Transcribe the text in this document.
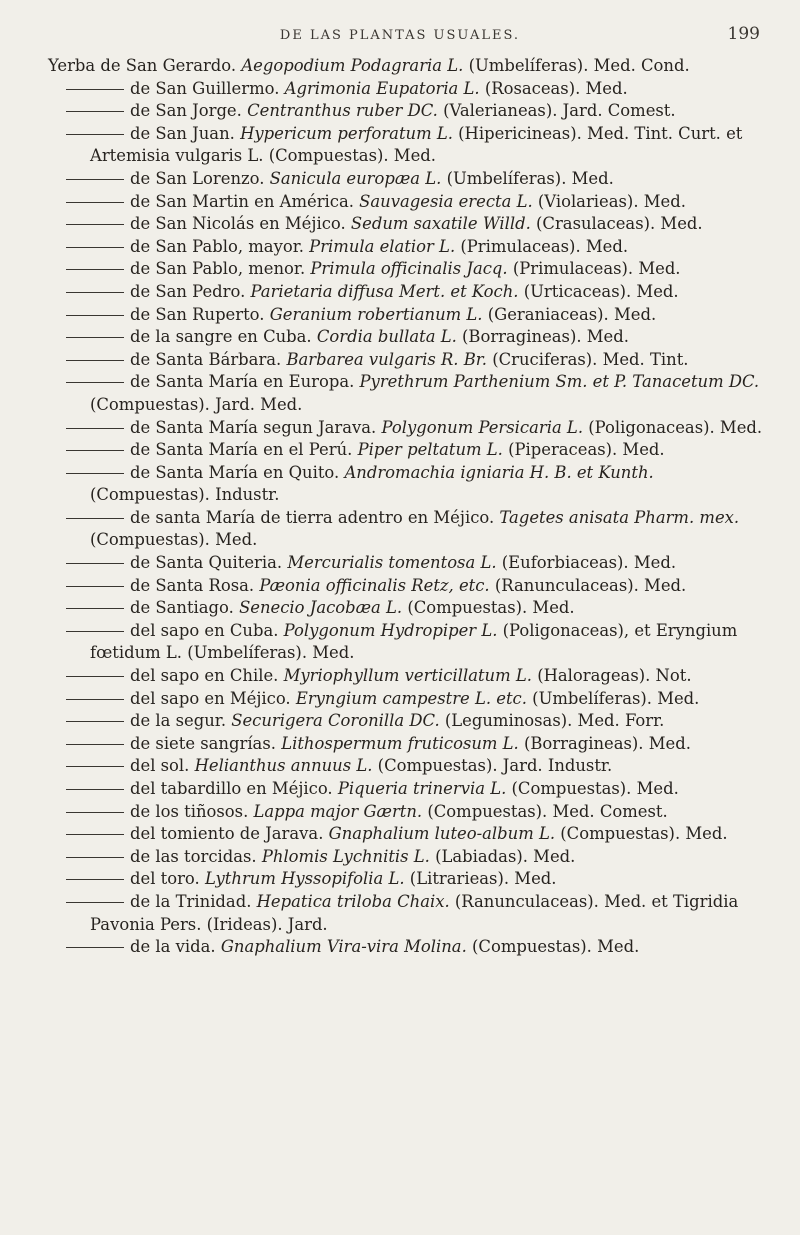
DE LAS PLANTAS USUALES.	199
Yerba de San Gerardo. Aegopodium Podagraria L. (Umbelíferas). Med. Cond.
de San Guillermo. Agrimonia Eupatoria L. (Rosaceas). Med.
de San Jorge. Centranthus ruber DC. (Valerianeas). Jard. Comest.
de San Juan. Hypericum perforatum L. (Hipericineas). Med. Tint. Curt. et Artemisia vulgaris L. (Compuestas). Med.
de San Lorenzo. Sanicula europæa L. (Umbelíferas). Med.
de San Martin en América. Sauvagesia erecta L. (Violarieas). Med.
de San Nicolás en Méjico. Sedum saxatile Willd. (Crasulaceas). Med.
de San Pablo, mayor. Primula elatior L. (Primulaceas). Med.
de San Pablo, menor. Primula officinalis Jacq. (Primulaceas). Med.
de San Pedro. Parietaria diffusa Mert. et Koch. (Urticaceas). Med.
de San Ruperto. Geranium robertianum L. (Geraniaceas). Med.
de la sangre en Cuba. Cordia bullata L. (Borragineas). Med.
de Santa Bárbara. Barbarea vulgaris R. Br. (Cruciferas). Med. Tint.
de Santa María en Europa. Pyrethrum Parthenium Sm. et P. Tanacetum DC. (Compuestas). Jard. Med.
de Santa María segun Jarava. Polygonum Persicaria L. (Poligonaceas). Med.
de Santa María en el Perú. Piper peltatum L. (Piperaceas). Med.
de Santa María en Quito. Andromachia igniaria H. B. et Kunth. (Compuestas). Industr.
de santa María de tierra adentro en Méjico. Tagetes anisata Pharm. mex. (Compuestas). Med.
de Santa Quiteria. Mercurialis tomentosa L. (Euforbiaceas). Med.
de Santa Rosa. Pæonia officinalis Retz, etc. (Ranunculaceas). Med.
de Santiago. Senecio Jacobæa L. (Compuestas). Med.
del sapo en Cuba. Polygonum Hydropiper L. (Poligonaceas), et Eryngium fœtidum L. (Umbelíferas). Med.
del sapo en Chile. Myriophyllum verticillatum L. (Halorageas). Not.
del sapo en Méjico. Eryngium campestre L. etc. (Umbelíferas). Med.
de la segur. Securigera Coronilla DC. (Leguminosas). Med. Forr.
de siete sangrías. Lithospermum fruticosum L. (Borragineas). Med.
del sol. Helianthus annuus L. (Compuestas). Jard. Industr.
del tabardillo en Méjico. Piqueria trinervia L. (Compuestas). Med.
de los tiñosos. Lappa major Gærtn. (Compuestas). Med. Comest.
del tomiento de Jarava. Gnaphalium luteo-album L. (Compuestas). Med.
de las torcidas. Phlomis Lychnitis L. (Labiadas). Med.
del toro. Lythrum Hyssopifolia L. (Litrarieas). Med.
de la Trinidad. Hepatica triloba Chaix. (Ranunculaceas). Med. et Tigridia Pavonia Pers. (Irideas). Jard.
de la vida. Gnaphalium Vira-vira Molina. (Compuestas). Med.
